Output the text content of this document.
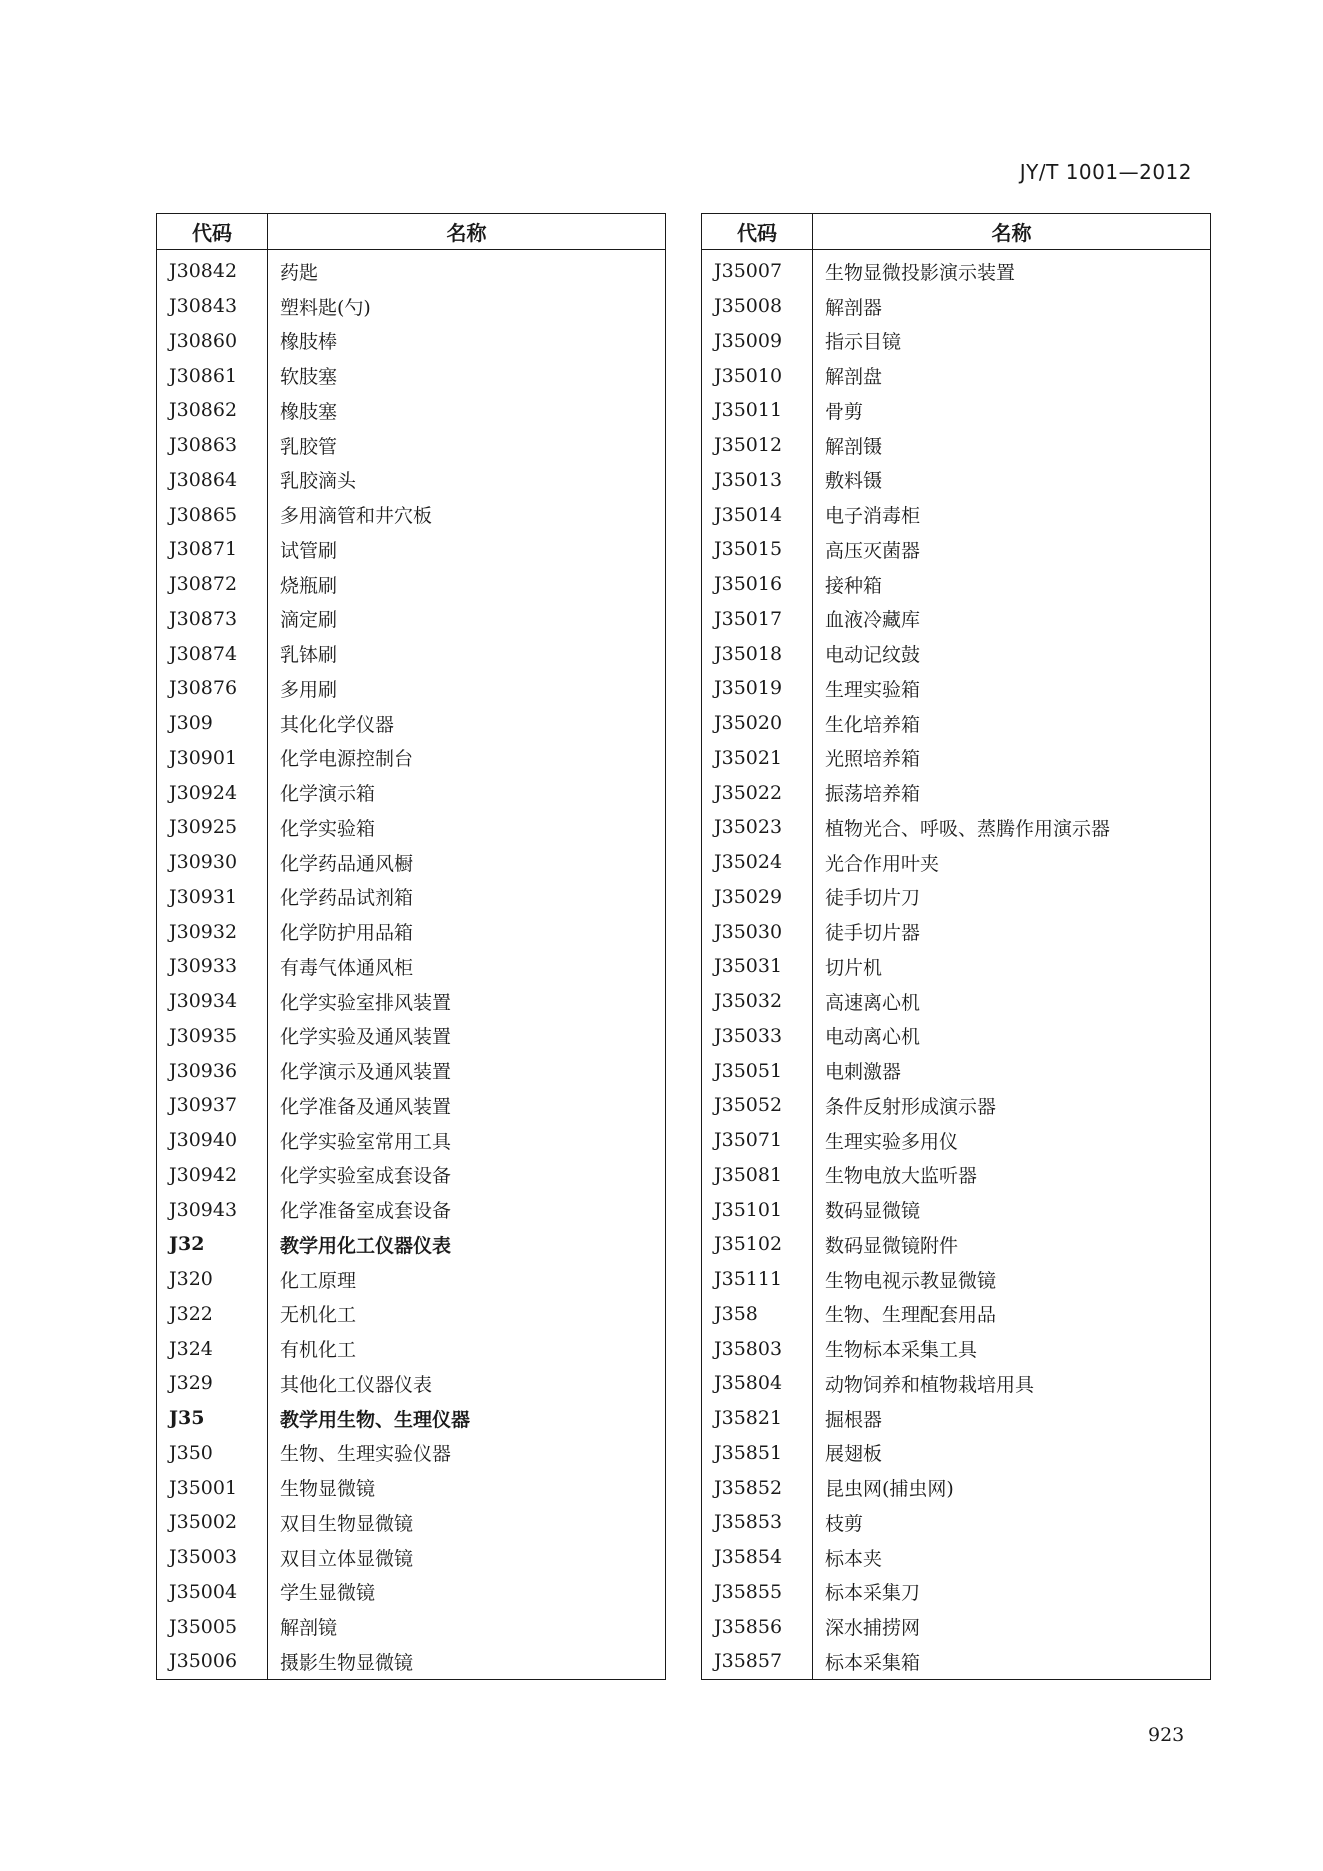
JY/T 1001—2012
代码	名称
J30842	药匙
J30843	塑料匙(勺)
J30860	橡肢棒
J30861	软肢塞
J30862	橡肢塞
J30863	乳胶管
J30864	乳胶滴头
J30865	多用滴管和井穴板
J30871	试管刷
J30872	烧瓶刷
J30873	滴定刷
J30874	乳钵刷
J30876	多用刷
J309	其化化学仪器
J30901	化学电源控制台
J30924	化学演示箱
J30925	化学实验箱
J30930	化学药品通风橱
J30931	化学药品试剂箱
J30932	化学防护用品箱
J30933	有毒气体通风柜
J30934	化学实验室排风装置
J30935	化学实验及通风装置
J30936	化学演示及通风装置
J30937	化学准备及通风装置
J30940	化学实验室常用工具
J30942	化学实验室成套设备
J30943	化学准备室成套设备
J32	教学用化工仪器仪表
J320	化工原理
J322	无机化工
J324	有机化工
J329	其他化工仪器仪表
J35	教学用生物、生理仪器
J350	生物、生理实验仪器
J35001	生物显微镜
J35002	双目生物显微镜
J35003	双目立体显微镜
J35004	学生显微镜
J35005	解剖镜
J35006	摄影生物显微镜
代码	名称
J35007	生物显微投影演示装置
J35008	解剖器
J35009	指示目镜
J35010	解剖盘
J35011	骨剪
J35012	解剖镊
J35013	敷料镊
J35014	电子消毒柜
J35015	高压灭菌器
J35016	接种箱
J35017	血液冷藏库
J35018	电动记纹鼓
J35019	生理实验箱
J35020	生化培养箱
J35021	光照培养箱
J35022	振荡培养箱
J35023	植物光合、呼吸、蒸腾作用演示器
J35024	光合作用叶夹
J35029	徒手切片刀
J35030	徒手切片器
J35031	切片机
J35032	高速离心机
J35033	电动离心机
J35051	电刺激器
J35052	条件反射形成演示器
J35071	生理实验多用仪
J35081	生物电放大监听器
J35101	数码显微镜
J35102	数码显微镜附件
J35111	生物电视示教显微镜
J358	生物、生理配套用品
J35803	生物标本采集工具
J35804	动物饲养和植物栽培用具
J35821	掘根器
J35851	展翅板
J35852	昆虫网(捕虫网)
J35853	枝剪
J35854	标本夹
J35855	标本采集刀
J35856	深水捕捞网
J35857	标本采集箱
923
